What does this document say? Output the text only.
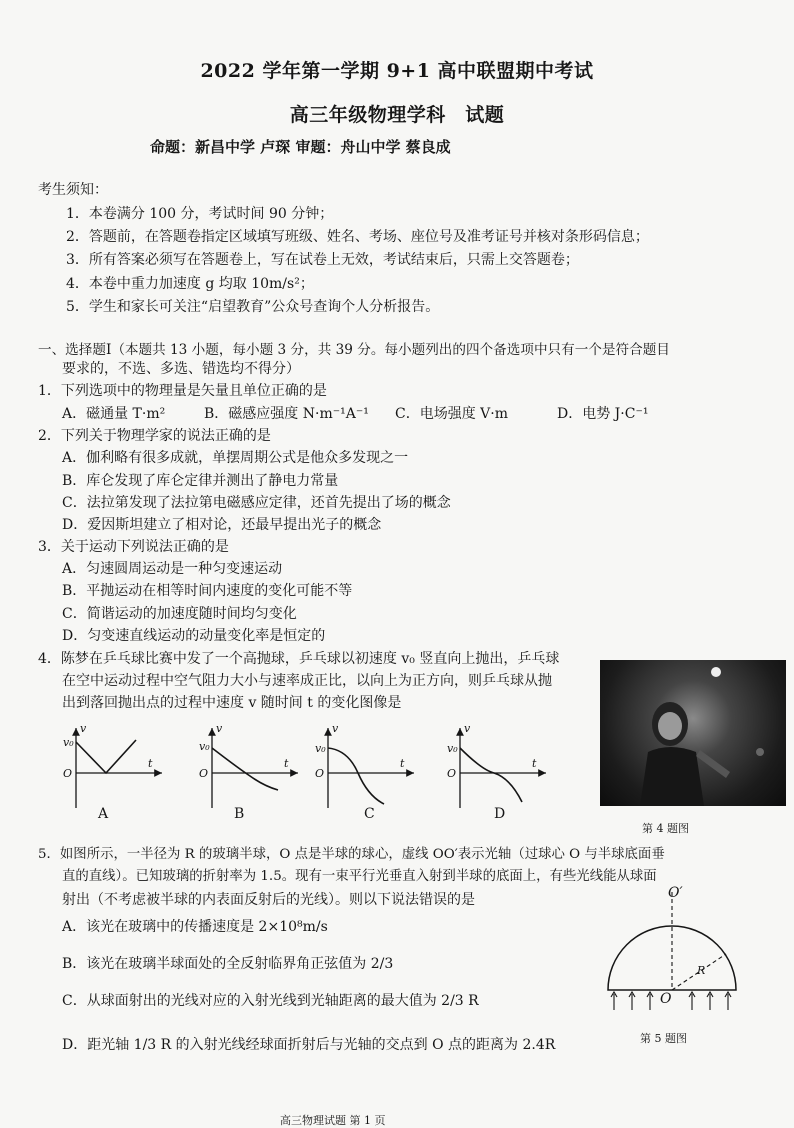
2022 学年第一学期 9+1 高中联盟期中考试
高三年级物理学科　试题
命题：新昌中学 卢琛 审题：舟山中学 蔡良成
考生须知：
1．本卷满分 100 分，考试时间 90 分钟；
2．答题前，在答题卷指定区域填写班级、姓名、考场、座位号及准考证号并核对条形码信息；
3．所有答案必须写在答题卷上，写在试卷上无效，考试结束后，只需上交答题卷；
4．本卷中重力加速度 g 均取 10m/s²；
5．学生和家长可关注“启望教育”公众号查询个人分析报告。
一、选择题Ⅰ（本题共 13 小题，每小题 3 分，共 39 分。每小题列出的四个备选项中只有一个是符合题目
要求的，不选、多选、错选均不得分）
1．下列选项中的物理量是矢量且单位正确的是
A．磁通量 T·m²	B．磁感应强度 N·m⁻¹A⁻¹ C．电场强度 V·m	D．电势 J·C⁻¹
2．下列关于物理学家的说法正确的是
A．伽利略有很多成就，单摆周期公式是他众多发现之一
B．库仑发现了库仑定律并测出了静电力常量
C．法拉第发现了法拉第电磁感应定律，还首先提出了场的概念
D．爱因斯坦建立了相对论，还最早提出光子的概念
3．关于运动下列说法正确的是
A．匀速圆周运动是一种匀变速运动
B．平抛运动在相等时间内速度的变化可能不等
C．简谐运动的加速度随时间均匀变化
D．匀变速直线运动的动量变化率是恒定的
4．陈梦在乒乓球比赛中发了一个高抛球，乒乓球以初速度 v₀ 竖直向上抛出，乒乓球
在空中运动过程中空气阻力大小与速率成正比，以向上为正方向，则乒乓球从抛
出到落回抛出点的过程中速度 v 随时间 t 的变化图像是
第 4 题图
v
v₀
O
t
A
v
v₀
O
t
B
v
v₀
O
t
C
v
v₀
O
t
D
5．如图所示，一半径为 R 的玻璃半球，O 点是半球的球心，虚线 OO′表示光轴（过球心 O 与半球底面垂
直的直线）。已知玻璃的折射率为 1.5。现有一束平行光垂直入射到半球的底面上，有些光线能从球面
射出（不考虑被半球的内表面反射后的光线）。则以下说法错误的是
A．该光在玻璃中的传播速度是 2×10⁸m/s
B．该光在玻璃半球面处的全反射临界角正弦值为 2/3
C．从球面射出的光线对应的入射光线到光轴距离的最大值为 2/3 R
D．距光轴 1/3 R 的入射光线经球面折射后与光轴的交点到 O 点的距离为 2.4R
O′
R
O
第 5 题图
高三物理试题 第 1 页
